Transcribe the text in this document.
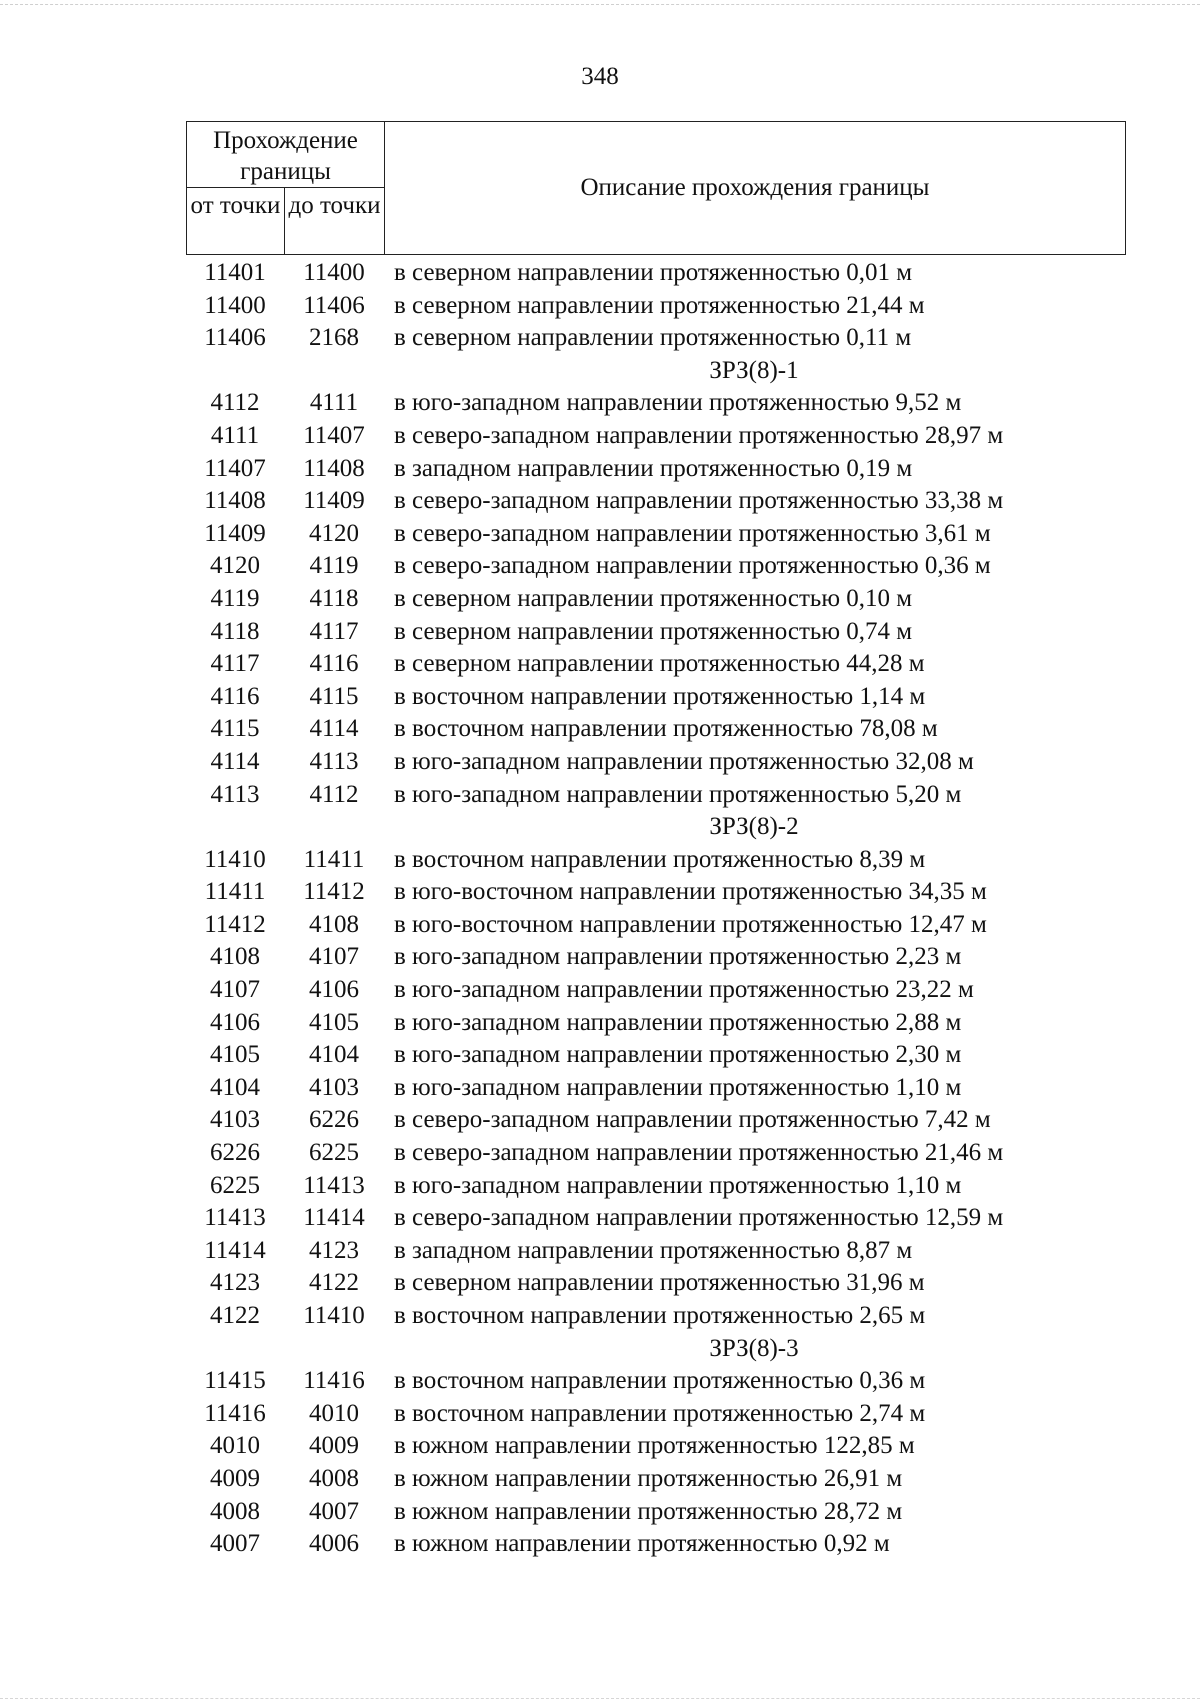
348
Прохождение границы
от точки до точки
Описание прохождения границы
11401	11400	в северном направлении протяженностью 0,01 м
11400	11406	в северном направлении протяженностью 21,44 м
11406	2168	в северном направлении протяженностью 0,11 м
ЗРЗ(8)-1
4112	4111	в юго-западном направлении протяженностью 9,52 м
4111	11407	в северо-западном направлении протяженностью 28,97 м
11407	11408	в западном направлении протяженностью 0,19 м
11408	11409	в северо-западном направлении протяженностью 33,38 м
11409	4120	в северо-западном направлении протяженностью 3,61 м
4120	4119	в северо-западном направлении протяженностью 0,36 м
4119	4118	в северном направлении протяженностью 0,10 м
4118	4117	в северном направлении протяженностью 0,74 м
4117	4116	в северном направлении протяженностью 44,28 м
4116	4115	в восточном направлении протяженностью 1,14 м
4115	4114	в восточном направлении протяженностью 78,08 м
4114	4113	в юго-западном направлении протяженностью 32,08 м
4113	4112	в юго-западном направлении протяженностью 5,20 м
ЗРЗ(8)-2
11410	11411	в восточном направлении протяженностью 8,39 м
11411	11412	в юго-восточном направлении протяженностью 34,35 м
11412	4108	в юго-восточном направлении протяженностью 12,47 м
4108	4107	в юго-западном направлении протяженностью 2,23 м
4107	4106	в юго-западном направлении протяженностью 23,22 м
4106	4105	в юго-западном направлении протяженностью 2,88 м
4105	4104	в юго-западном направлении протяженностью 2,30 м
4104	4103	в юго-западном направлении протяженностью 1,10 м
4103	6226	в северо-западном направлении протяженностью 7,42 м
6226	6225	в северо-западном направлении протяженностью 21,46 м
6225	11413	в юго-западном направлении протяженностью 1,10 м
11413	11414	в северо-западном направлении протяженностью 12,59 м
11414	4123	в западном направлении протяженностью 8,87 м
4123	4122	в северном направлении протяженностью 31,96 м
4122	11410	в восточном направлении протяженностью 2,65 м
ЗРЗ(8)-3
11415	11416	в восточном направлении протяженностью 0,36 м
11416	4010	в восточном направлении протяженностью 2,74 м
4010	4009	в южном направлении протяженностью 122,85 м
4009	4008	в южном направлении протяженностью 26,91 м
4008	4007	в южном направлении протяженностью 28,72 м
4007	4006	в южном направлении протяженностью 0,92 м
